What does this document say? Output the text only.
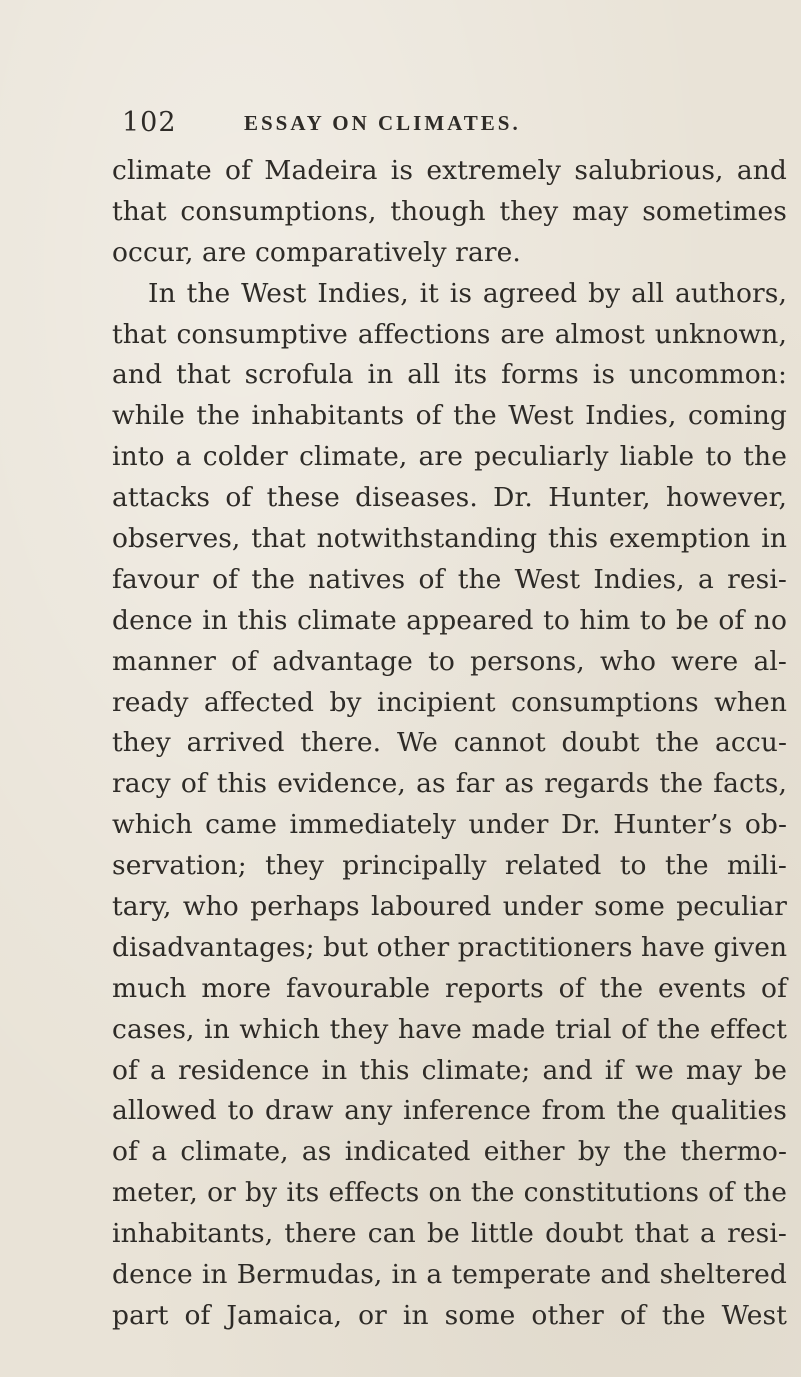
102	ESSAY ON CLIMATES.
climate of Madeira is extremely salubrious, and
that consumptions, though they may sometimes
occur, are comparatively rare.
In the West Indies, it is agreed by all authors,
that consumptive affections are almost unknown,
and that scrofula in all its forms is uncommon:
while the inhabitants of the West Indies, coming
into a colder climate, are peculiarly liable to the
attacks of these diseases. Dr. Hunter, however,
observes, that notwithstanding this exemption in
favour of the natives of the West Indies, a resi-
dence in this climate appeared to him to be of no
manner of advantage to persons, who were al-
ready affected by incipient consumptions when
they arrived there. We cannot doubt the accu-
racy of this evidence, as far as regards the facts,
which came immediately under Dr. Hunter’s ob-
servation; they principally related to the mili-
tary, who perhaps laboured under some peculiar
disadvantages; but other practitioners have given
much more favourable reports of the events of
cases, in which they have made trial of the effect
of a residence in this climate; and if we may be
allowed to draw any inference from the qualities
of a climate, as indicated either by the thermo-
meter, or by its effects on the constitutions of the
inhabitants, there can be little doubt that a resi-
dence in Bermudas, in a temperate and sheltered
part of Jamaica, or in some other of the West
